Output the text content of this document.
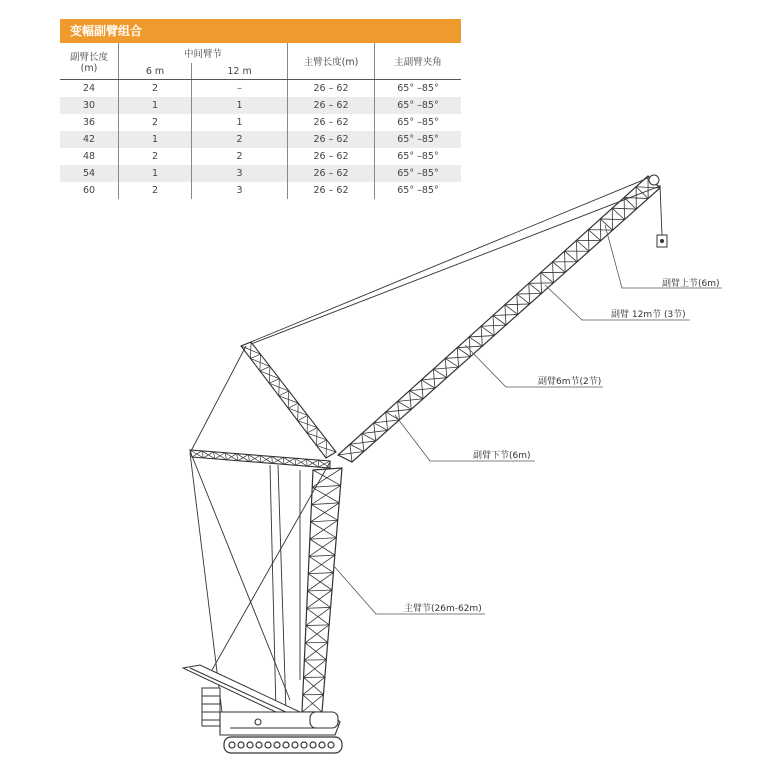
变幅副臂组合
副臂长度
(m)	中间臂节		主臂长度(m)	主副臂夹角
	6 m	12 m		
24	2	–	26 – 62	65° –85°
30	1	1	26 – 62	65° –85°
36	2	1	26 – 62	65° –85°
42	1	2	26 – 62	65° –85°
48	2	2	26 – 62	65° –85°
54	1	3	26 – 62	65° –85°
60	2	3	26 – 62	65° –85°
副臂上节(6m)
副臂 12m节 (3节)
副臂6m节(2节)
副臂下节(6m)
主臂节(26m-62m)
